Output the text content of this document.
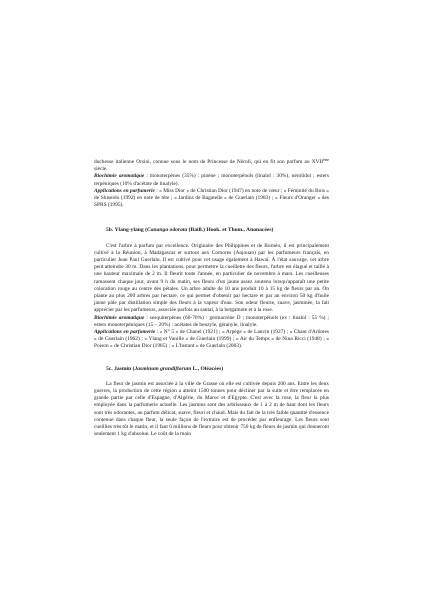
duchesse italienne Orsini, connue sous le nom de Princesse de Néroli, qui en fit son parfum au XVIIème siècle.

Biochimie aromatique : monoterpènes (35%) : pinène ; monoterpénols (linalol : 30%), nérolidol ; esters terpéniques (10% d'acétate de linalyle).

Applications en parfumerie : « Miss Dior » de Christian Dior (1947) en note de cœur ; « Féminité du Bois » de Shiseido (1992) en note de tête ; « Jardins de Bagatelle » de Guerlain (1983) ; « Fleurs d'Oranger » des SPRS (1995).

5b. Ylang-ylang (Cananga odorata (Baill.) Hook. et Thom., Anonacées)

C'est l'arbre à parfum par excellence. Originaire des Philippines et de Bornéo, il est principalement cultivé à la Réunion, à Madagascar et surtout aux Comores (Anjouan) par les parfumeurs français, en particulier Jean Paul Guerlain. Il est cultivé pour cet usage également à Hawaï. À l'état sauvage, cet arbre peut atteindre 30 m. Dans les plantations, pour permettre la cueillette des fleurs, l'arbre est élagué et taillé à une hauteur maximale de 2 m. Il fleurit toute l'année, en particulier de novembre à mars. Les cueilleuses ramassent chaque jour, avant 9 h du matin, ses fleurs d'un jaune assez soutenu lorsqu'apparaît une petite coloration rouge au centre des pétales. Un arbre adulte de 10 ans produit 10 à 15 kg de fleurs par an. On plante au plus 200 arbres par hectare, ce qui permet d'obtenir par hectare et par an environ 50 kg d'huile jaune pâle par distillation simple des fleurs à la vapeur d'eau. Son odeur fleurie, suave, jasminée, la fait apprécier par les parfumeurs, associée parfois au santal, à la bergamote et à la rose.

Biochimie aromatique : sesquiterpènes (60-70%) : germacrène D ; monoterpénols (ex : linalol : 55 %) ; esters monoterpéniques (15 – 20%) : acétates de benzyle, géranyle, linalyle.

Applications en parfumerie : « N° 5 » de Chanel (1921) ; « Arpège » de Lanvin (1927) ; « Chant d'Arômes » de Guerlain (1962) ; « Ylang et Vanille » de Guerlain (1999) ; « Air du Temps » de Nina Ricci (1948) ; « Poison » de Christian Dior (1985) ; « L'Instant » de Guerlain (2003).

5c. Jasmin (Jasminum grandiflorum L., Oléacées)

La fleur de jasmin est associée à la ville de Grasse où elle est cultivée depuis 200 ans. Entre les deux guerres, la production de cette région a atteint 1500 tonnes pour décliner par la suite et être remplacée en grande partie par celle d'Espagne, d'Algérie, du Maroc et d'Egypte. C'est avec la rose, la fleur la plus employée dans la parfumerie actuelle. Les jasmins sont des arbrisseaux de 1 à 2 m de haut dont les fleurs sont très odorantes, au parfum délicat, suave, fleuri et chaud. Mais du fait de la très faible quantité d'essence contenue dans chaque fleur, la seule façon de l'extraire est de procéder par enfleurage. Les fleurs sont cueillies très tôt le matin, et il faut 6 millions de fleurs pour obtenir 750 kg de fleurs de jasmin qui donneront seulement 1 kg d'absolue. Le coût de la main
